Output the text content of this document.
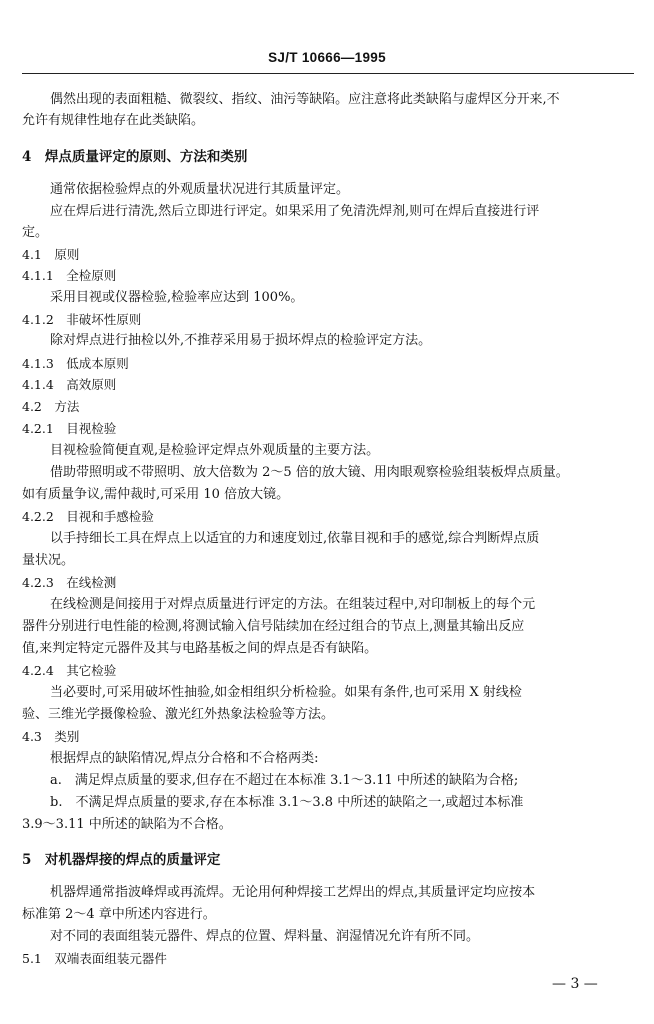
SJ/T 10666—1995
偶然出现的表面粗糙、微裂纹、指纹、油污等缺陷。应注意将此类缺陷与虚焊区分开来,不
允许有规律性地存在此类缺陷。
4　焊点质量评定的原则、方法和类别
通常依据检验焊点的外观质量状况进行其质量评定。
应在焊后进行清洗,然后立即进行评定。如果采用了免清洗焊剂,则可在焊后直接进行评
定。
4.1　原则
4.1.1　全检原则
采用目视或仪器检验,检验率应达到 100%。
4.1.2　非破坏性原则
除对焊点进行抽检以外,不推荐采用易于损坏焊点的检验评定方法。
4.1.3　低成本原则
4.1.4　高效原则
4.2　方法
4.2.1　目视检验
目视检验简便直观,是检验评定焊点外观质量的主要方法。
借助带照明或不带照明、放大倍数为 2～5 倍的放大镜、用肉眼观察检验组装板焊点质量。
如有质量争议,需仲裁时,可采用 10 倍放大镜。
4.2.2　目视和手感检验
以手持细长工具在焊点上以适宜的力和速度划过,依靠目视和手的感觉,综合判断焊点质
量状况。
4.2.3　在线检测
在线检测是间接用于对焊点质量进行评定的方法。在组装过程中,对印制板上的每个元
器件分别进行电性能的检测,将测试输入信号陆续加在经过组合的节点上,测量其输出反应
值,来判定特定元器件及其与电路基板之间的焊点是否有缺陷。
4.2.4　其它检验
当必要时,可采用破坏性抽验,如金相组织分析检验。如果有条件,也可采用 X 射线检
验、三维光学摄像检验、激光红外热象法检验等方法。
4.3　类别
根据焊点的缺陷情况,焊点分合格和不合格两类:
a.　满足焊点质量的要求,但存在不超过在本标准 3.1～3.11 中所述的缺陷为合格;
b.　不满足焊点质量的要求,存在本标准 3.1～3.8 中所述的缺陷之一,或超过本标准
3.9～3.11 中所述的缺陷为不合格。
5　对机器焊接的焊点的质量评定
机器焊通常指波峰焊或再流焊。无论用何种焊接工艺焊出的焊点,其质量评定均应按本
标准第 2～4 章中所述内容进行。
对不同的表面组装元器件、焊点的位置、焊料量、润湿情况允许有所不同。
5.1　双端表面组装元器件
— 3 —
